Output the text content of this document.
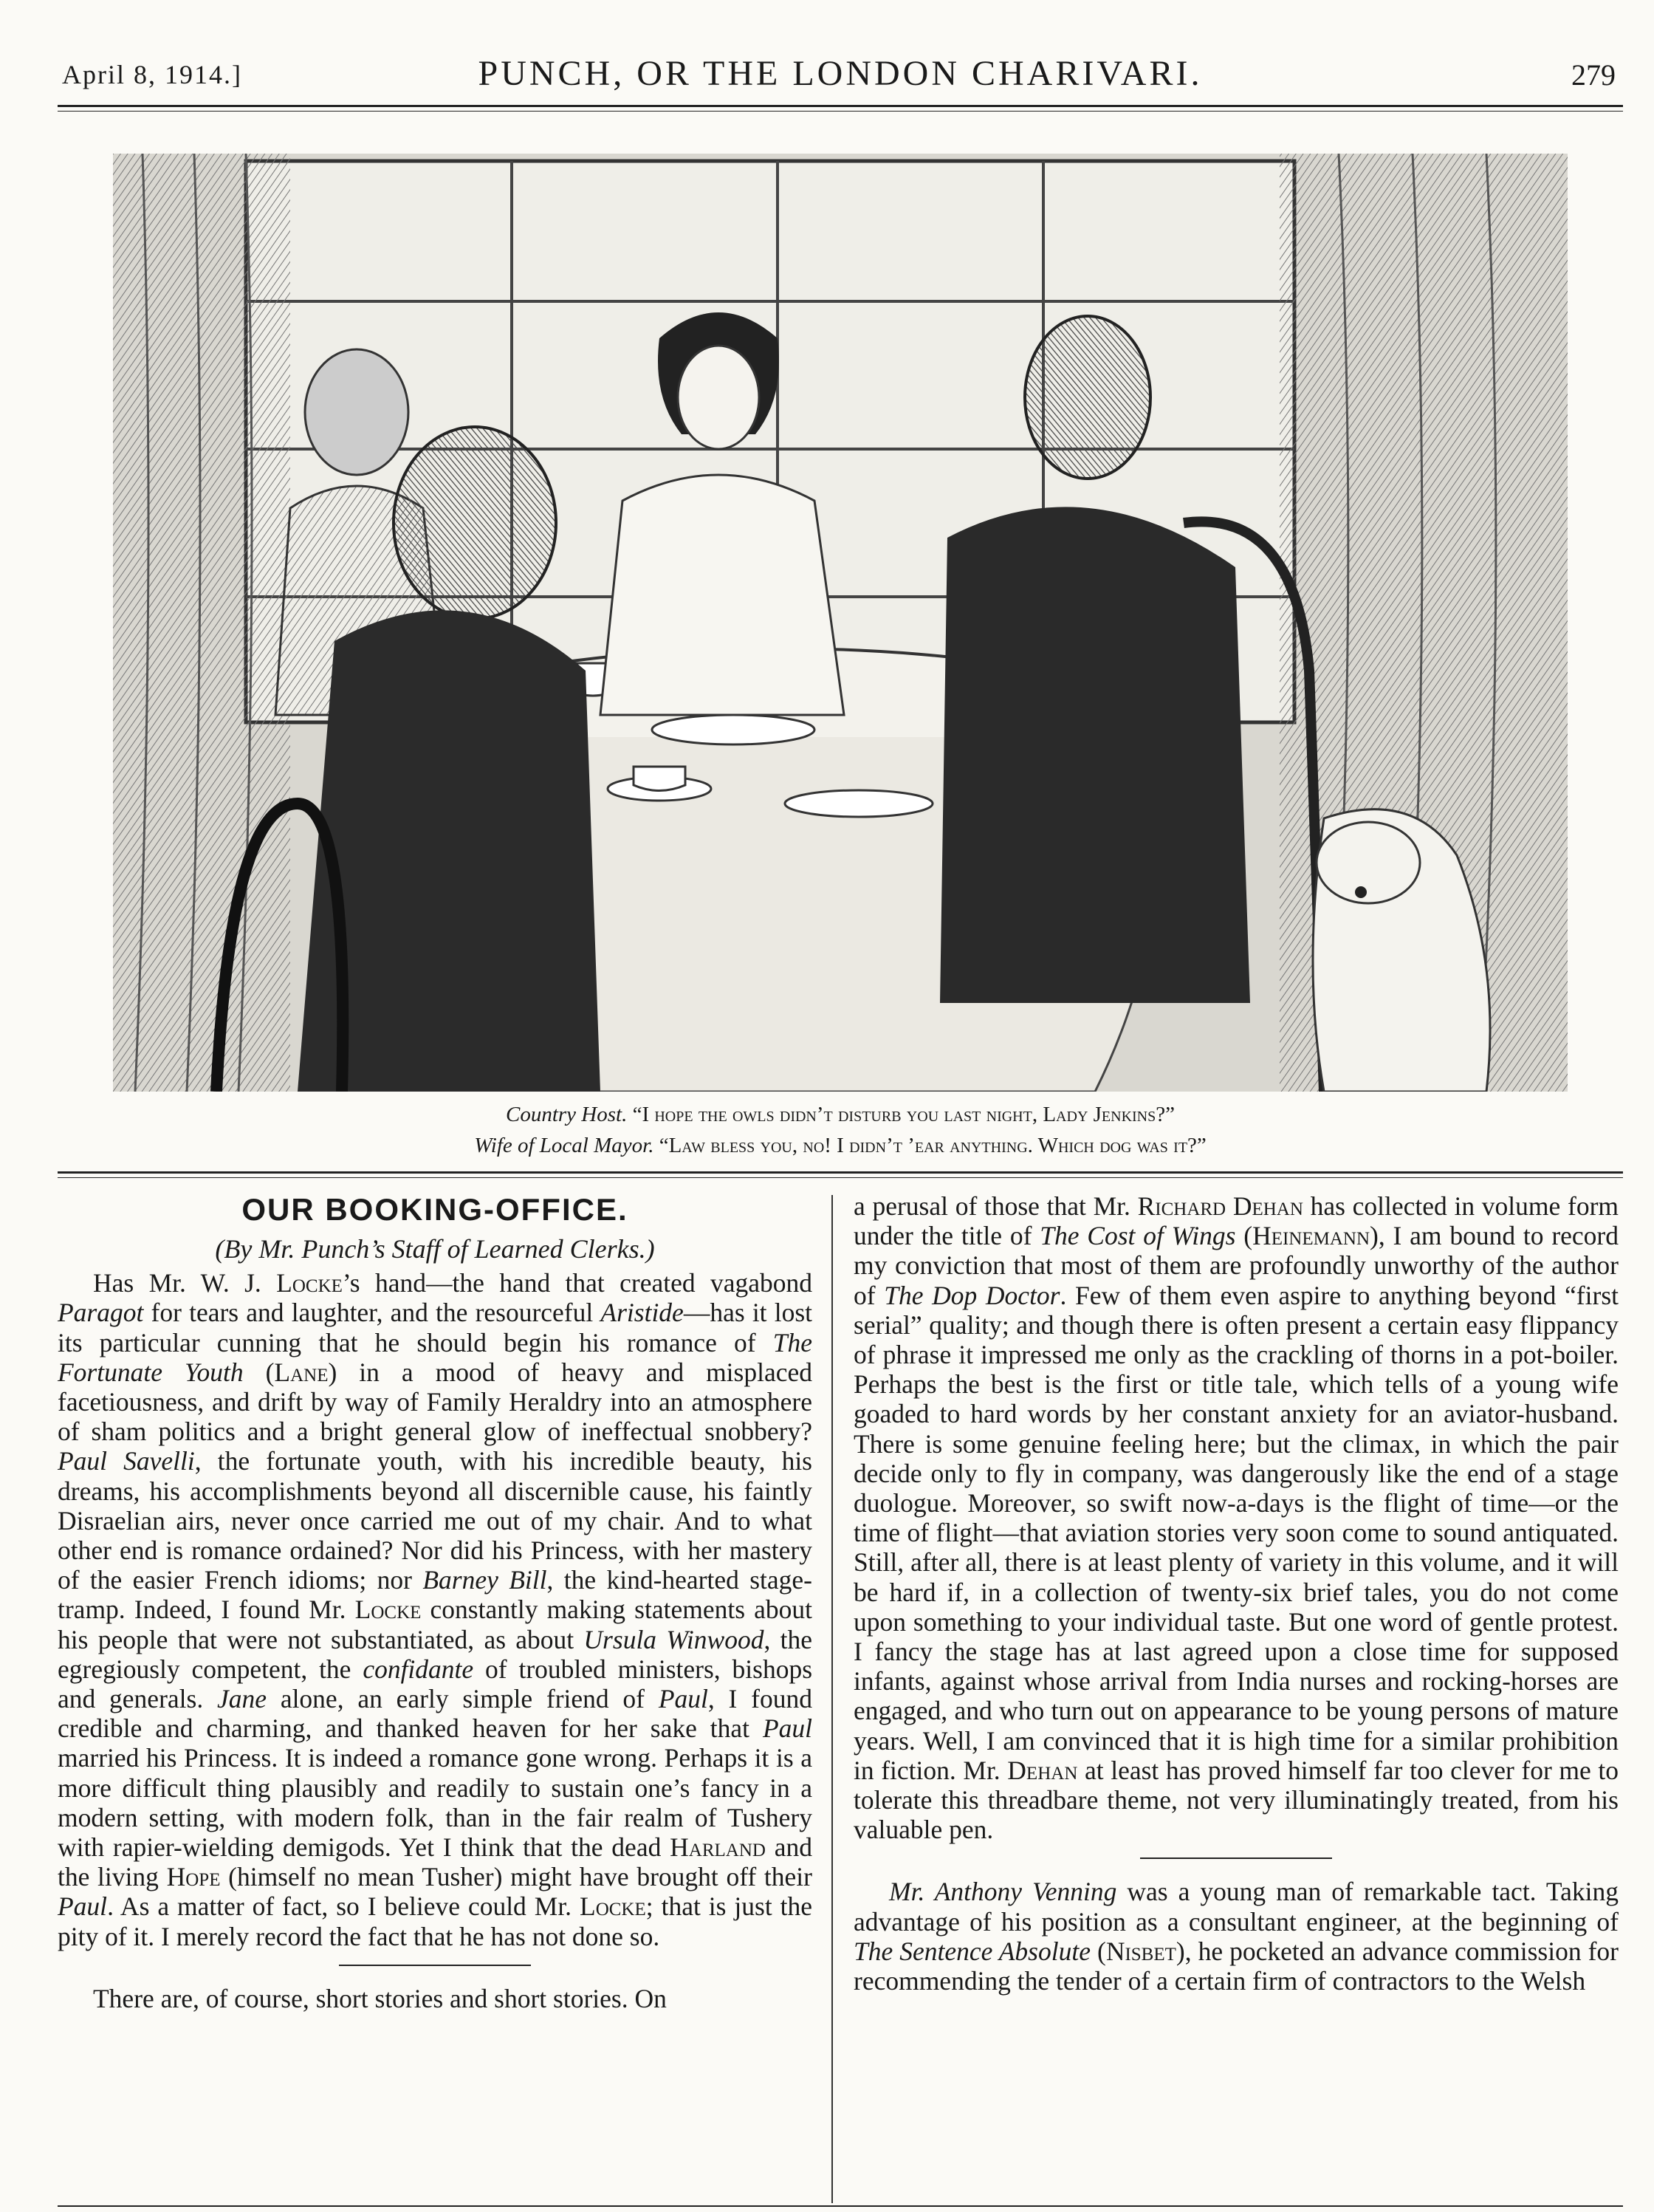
April 8, 1914.]	PUNCH, OR THE LONDON CHARIVARI.	279
Country Host. “I hope the owls didn’t disturb you last night, Lady Jenkins?”
Wife of Local Mayor. “Law bless you, no! I didn’t ’ear anything. Which dog was it?”
OUR BOOKING-OFFICE.
(By Mr. Punch’s Staff of Learned Clerks.)

Has Mr. W. J. Locke’s hand—the hand that created vagabond Paragot for tears and laughter, and the resourceful Aristide—has it lost its particular cunning that he should begin his romance of The Fortunate Youth (Lane) in a mood of heavy and misplaced facetiousness, and drift by way of Family Heraldry into an atmosphere of sham politics and a bright general glow of ineffectual snobbery? Paul Savelli, the fortunate youth, with his incredible beauty, his dreams, his accomplishments beyond all discernible cause, his faintly Disraelian airs, never once carried me out of my chair. And to what other end is romance ordained? Nor did his Princess, with her mastery of the easier French idioms; nor Barney Bill, the kind-hearted stage-tramp. Indeed, I found Mr. Locke constantly making statements about his people that were not substantiated, as about Ursula Winwood, the egregiously competent, the confidante of troubled ministers, bishops and generals. Jane alone, an early simple friend of Paul, I found credible and charming, and thanked heaven for her sake that Paul married his Princess. It is indeed a romance gone wrong. Perhaps it is a more difficult thing plausibly and readily to sustain one’s fancy in a modern setting, with modern folk, than in the fair realm of Tushery with rapier-wielding demigods. Yet I think that the dead Harland and the living Hope (himself no mean Tusher) might have brought off their Paul. As a matter of fact, so I believe could Mr. Locke; that is just the pity of it. I merely record the fact that he has not done so.

There are, of course, short stories and short stories. On

a perusal of those that Mr. Richard Dehan has collected in volume form under the title of The Cost of Wings (Heinemann), I am bound to record my conviction that most of them are profoundly unworthy of the author of The Dop Doctor. Few of them even aspire to anything beyond “first serial” quality; and though there is often present a certain easy flippancy of phrase it impressed me only as the crackling of thorns in a pot-boiler. Perhaps the best is the first or title tale, which tells of a young wife goaded to hard words by her constant anxiety for an aviator-husband. There is some genuine feeling here; but the climax, in which the pair decide only to fly in company, was dangerously like the end of a stage duologue. Moreover, so swift now-a-days is the flight of time—or the time of flight—that aviation stories very soon come to sound antiquated. Still, after all, there is at least plenty of variety in this volume, and it will be hard if, in a collection of twenty-six brief tales, you do not come upon something to your individual taste. But one word of gentle protest. I fancy the stage has at last agreed upon a close time for supposed infants, against whose arrival from India nurses and rocking-horses are engaged, and who turn out on appearance to be young persons of mature years. Well, I am convinced that it is high time for a similar prohibition in fiction. Mr. Dehan at least has proved himself far too clever for me to tolerate this threadbare theme, not very illuminatingly treated, from his valuable pen.

Mr. Anthony Venning was a young man of remarkable tact. Taking advantage of his position as a consultant engineer, at the beginning of The Sentence Absolute (Nisbet), he pocketed an advance commission for recommending the tender of a certain firm of contractors to the Welsh
